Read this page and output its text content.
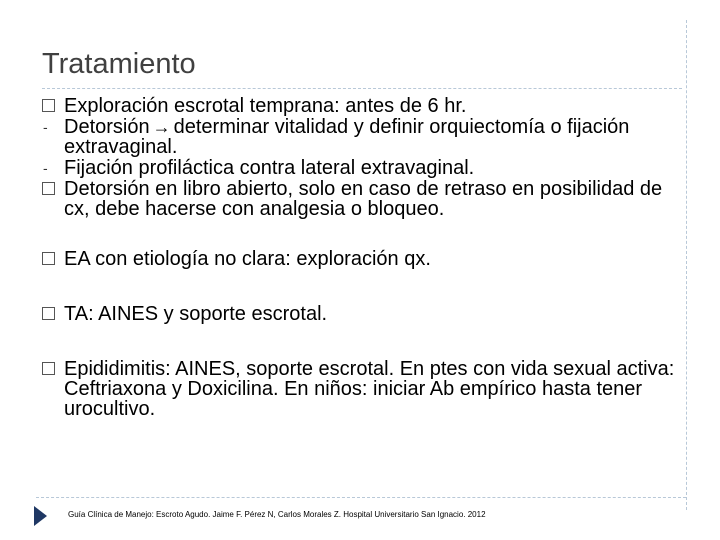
Tratamiento
Exploración escrotal temprana: antes de 6 hr.
- Detorsión → determinar vitalidad y definir orquiectomía o fijación extravaginal.
- Fijación profiláctica contra lateral extravaginal.
Detorsión en libro abierto, solo en caso de retraso en posibilidad de cx, debe hacerse con analgesia o bloqueo.
EA con etiología no clara: exploración qx.
TA: AINES y soporte escrotal.
Epididimitis: AINES, soporte escrotal. En ptes con vida sexual activa: Ceftriaxona y Doxicilina. En niños: iniciar Ab empírico hasta tener urocultivo.
Guía Clínica de Manejo: Escroto Agudo. Jaime F. Pérez N, Carlos Morales Z. Hospital Universitario San Ignacio. 2012
